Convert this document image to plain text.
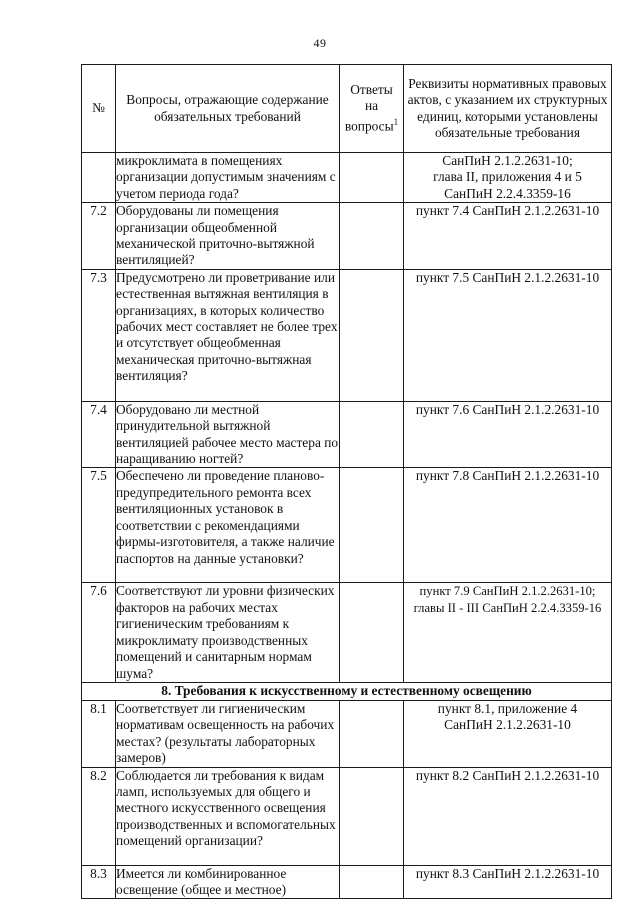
49
№	Вопросы, отражающие содержание обязательных требований	Ответы на вопросы$^1$	Реквизиты нормативных правовых актов, с указанием их структурных единиц, которыми установлены обязательные требования
	микроклимата в помещениях организации допустимым значениям с учетом периода года?		СанПиН 2.1.2.2631-10;
глава II, приложения 4 и 5
СанПиН 2.2.4.3359-16
7.2	Оборудованы ли помещения организации общеобменной механической приточно-вытяжной вентиляцией?		пункт 7.4 СанПиН 2.1.2.2631-10
7.3	Предусмотрено ли проветривание или естественная вытяжная вентиляция в организациях, в которых количество рабочих мест составляет не более трех и отсутствует общеобменная механическая приточно-вытяжная вентиляция?		пункт 7.5 СанПиН 2.1.2.2631-10
7.4	Оборудовано ли местной принудительной вытяжной вентиляцией рабочее место мастера по наращиванию ногтей?		пункт 7.6 СанПиН 2.1.2.2631-10
7.5	Обеспечено ли проведение планово-предупредительного ремонта всех вентиляционных установок в соответствии с рекомендациями фирмы-изготовителя, а также наличие паспортов на данные установки?		пункт 7.8 СанПиН 2.1.2.2631-10
7.6	Соответствуют ли уровни физических факторов на рабочих местах гигиеническим требованиям к микроклимату производственных помещений и санитарным нормам шума?		пункт 7.9 СанПиН 2.1.2.2631-10;
главы II - III СанПиН 2.2.4.3359-16
8. Требования к искусственному и естественному освещению			
8.1	Соответствует ли гигиеническим нормативам освещенность на рабочих местах? (результаты лабораторных замеров)		пункт 8.1, приложение 4
СанПиН 2.1.2.2631-10
8.2	Соблюдается ли требования к видам ламп, используемых для общего и местного искусственного освещения производственных и вспомогательных помещений организации?		пункт 8.2 СанПиН 2.1.2.2631-10
8.3	Имеется ли комбинированное освещение (общее и местное)		пункт 8.3 СанПиН 2.1.2.2631-10
